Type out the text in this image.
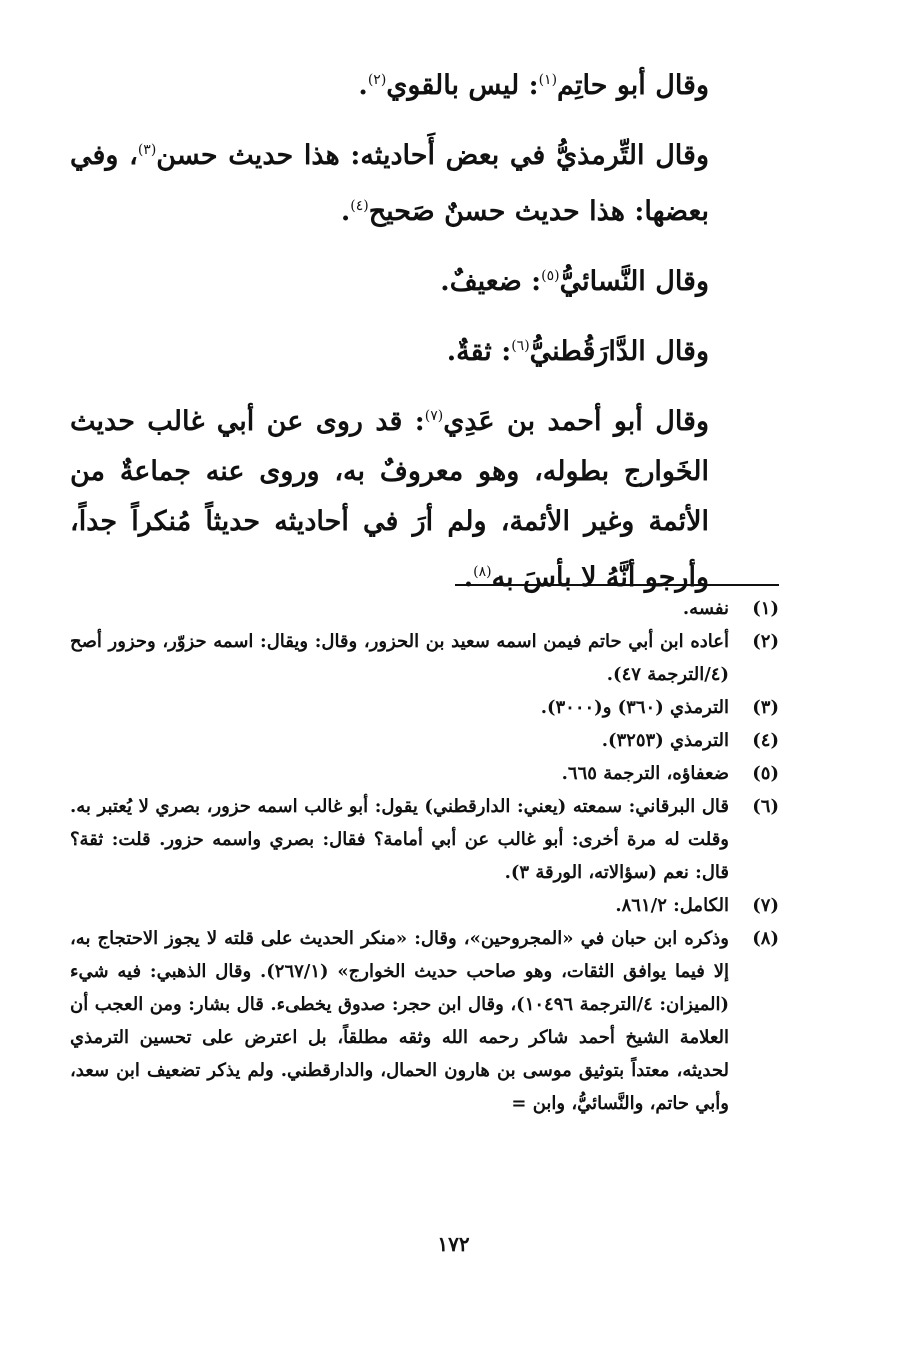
وقال أبو حاتِم$^{(١)}$: ليس بالقوي$^{(٢)}$.

وقال التِّرمذيُّ في بعض أَحاديثه: هذا حديث حسن$^{(٣)}$، وفي بعضها: هذا حديث حسنٌ صَحيح$^{(٤)}$.

وقال النَّسائيُّ$^{(٥)}$: ضعيفٌ.

وقال الدَّارَقُطنيُّ$^{(٦)}$: ثقةٌ.

وقال أبو أحمد بن عَدِي$^{(٧)}$: قد روى عن أبي غالب حديث الخَوارج بطوله، وهو معروفٌ به، وروى عنه جماعةٌ من الأئمة وغير الأئمة، ولم أرَ في أحاديثه حديثاً مُنكراً جداً، وأرجو أنَّهُ لا بأسَ به$^{(٨)}$.

(١)
نفسه.
(٢)
أعاده ابن أبي حاتم فيمن اسمه سعيد بن الحزور، وقال: ويقال: اسمه حزوّر، وحزور أصح (٤/الترجمة ٤٧).
(٣)
الترمذي (٣٦٠) و(٣٠٠٠).
(٤)
الترمذي (٣٢٥٣).
(٥)
ضعفاؤه، الترجمة ٦٦٥.
(٦)
قال البرقاني: سمعته (يعني: الدارقطني) يقول: أبو غالب اسمه حزور، بصري لا يُعتبر به. وقلت له مرة أخرى: أبو غالب عن أبي أمامة؟ فقال: بصري واسمه حزور. قلت: ثقة؟ قال: نعم (سؤالاته، الورقة ٣).
(٧)
الكامل: ٨٦١/٢.
(٨)
وذكره ابن حبان في «المجروحين»، وقال: «منكر الحديث على قلته لا يجوز الاحتجاج به، إلا فيما يوافق الثقات، وهو صاحب حديث الخوارج» (٢٦٧/١). وقال الذهبي: فيه شيء (الميزان: ٤/الترجمة ١٠٤٩٦)، وقال ابن حجر: صدوق يخطىء. قال بشار: ومن العجب أن العلامة الشيخ أحمد شاكر رحمه الله وثقه مطلقاً، بل اعترض على تحسين الترمذي لحديثه، معتداً بتوثيق موسى بن هارون الحمال، والدارقطني. ولم يذكر تضعيف ابن سعد، وأبي حاتم، والنَّسائيُّ، وابن =
١٧٢
